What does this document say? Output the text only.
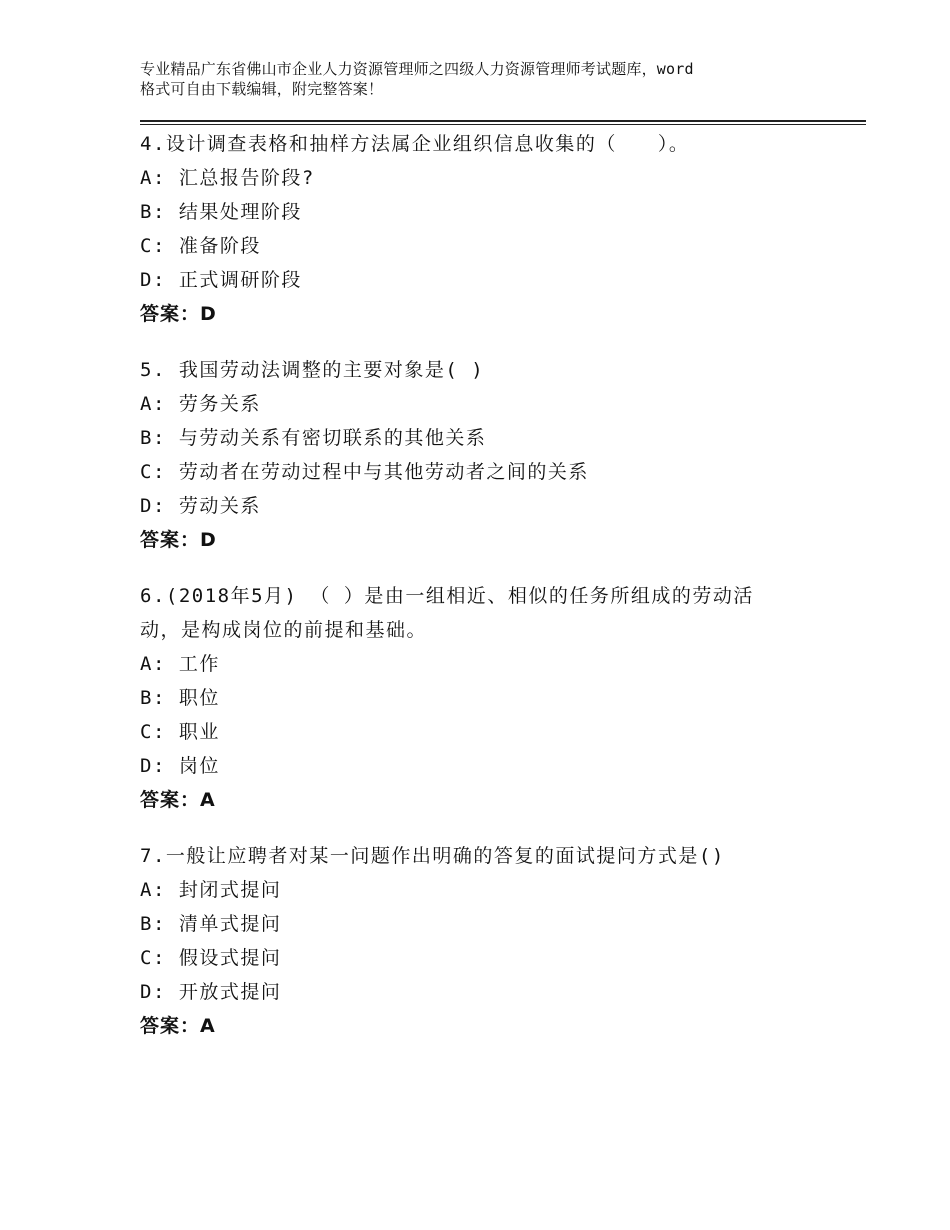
专业精品广东省佛山市企业人力资源管理师之四级人力资源管理师考试题库，word
格式可自由下载编辑，附完整答案！
4.设计调查表格和抽样方法属企业组织信息收集的（　　）。
A: 汇总报告阶段?
B: 结果处理阶段
C: 准备阶段
D: 正式调研阶段
答案：D
5. 我国劳动法调整的主要对象是( )
A: 劳务关系
B: 与劳动关系有密切联系的其他关系
C: 劳动者在劳动过程中与其他劳动者之间的关系
D: 劳动关系
答案：D
6.(2018年5月) （ ）是由一组相近、相似的任务所组成的劳动活
动，是构成岗位的前提和基础。
A: 工作
B: 职位
C: 职业
D: 岗位
答案：A
7.一般让应聘者对某一问题作出明确的答复的面试提问方式是()
A: 封闭式提问
B: 清单式提问
C: 假设式提问
D: 开放式提问
答案：A
